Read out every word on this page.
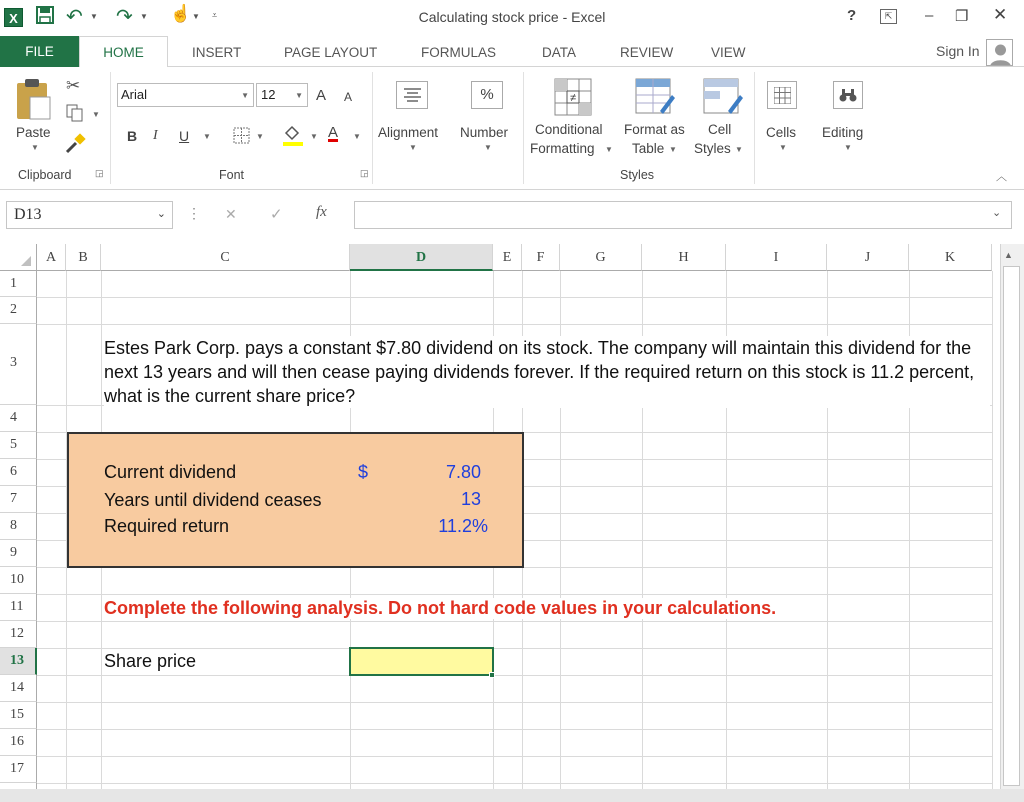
X ↶ ▼ ↷ ▼ ☝ ▼ ⩡	Calculating stock price - Excel	?	⇱	– ❐ ✕
FILE	HOME	INSERT	PAGE LAYOUT	FORMULAS	DATA	REVIEW	VIEW	Sign In
Paste
▼
✂
▼
Clipboard	◲
Arial	▼ 12 ▼ A A
B I U ▼	▼	▼ A ▼
Font	◲
Alignment
▼
%
Number
▼
≠
Conditional
Formatting ▼
Format as
Table ▼
Cell
Styles ▼
Styles
Cells
▼
Editing
▼
︿
D13	⌄ ⋮ ✕ ✓ fx	⌄
A	B	C	D	E	F	G	H	I	J	K
1
2
3
4
5
6
7
8
9
10
11
12
13
14
15
16
17
Estes Park Corp. pays a constant $7.80 dividend on its stock. The company will maintain this dividend for the next 13 years and will then cease paying dividends forever. If the required return on this stock is 11.2 percent, what is the current share price?
Current dividend	$	7.80
Years until dividend ceases	13
Required return	11.2%
Complete the following analysis. Do not hard code values in your calculations.
Share price
▲
